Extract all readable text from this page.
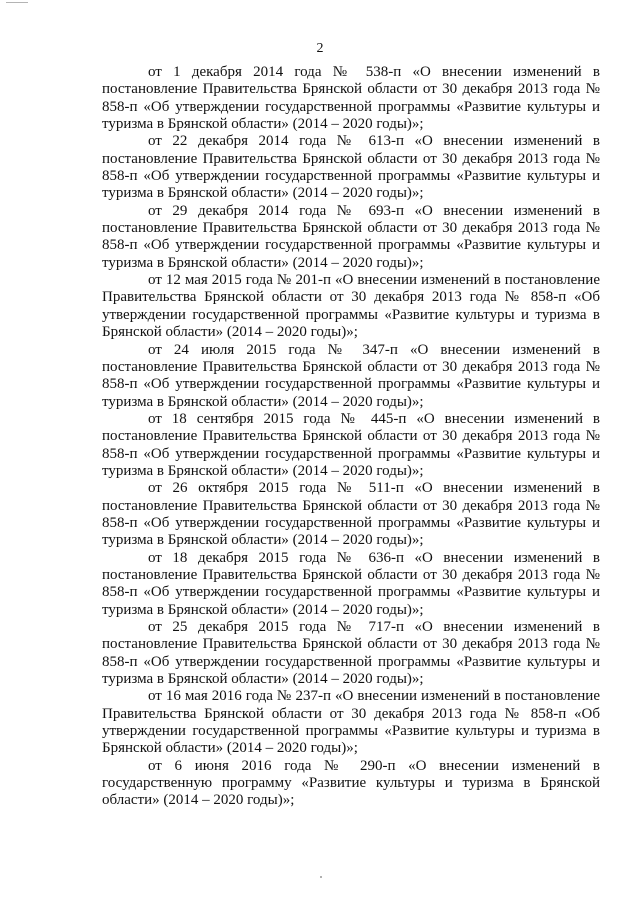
2

от 1 декабря 2014 года № 538-п «О внесении изменений в постановление Правительства Брянской области от 30 декабря 2013 года № 858-п «Об утверждении государственной программы «Развитие культуры и туризма в Брянской области» (2014 – 2020 годы)»;

от 22 декабря 2014 года № 613-п «О внесении изменений в постановление Правительства Брянской области от 30 декабря 2013 года № 858-п «Об утверждении государственной программы «Развитие культуры и туризма в Брянской области» (2014 – 2020 годы)»;

от 29 декабря 2014 года № 693-п «О внесении изменений в постановление Правительства Брянской области от 30 декабря 2013 года № 858-п «Об утверждении государственной программы «Развитие культуры и туризма в Брянской области» (2014 – 2020 годы)»;

от 12 мая 2015 года № 201-п «О внесении изменений в постановление Правительства Брянской области от 30 декабря 2013 года № 858-п «Об утверждении государственной программы «Развитие культуры и туризма в Брянской области» (2014 – 2020 годы)»;

от 24 июля 2015 года № 347-п «О внесении изменений в постановление Правительства Брянской области от 30 декабря 2013 года № 858-п «Об утверждении государственной программы «Развитие культуры и туризма в Брянской области» (2014 – 2020 годы)»;

от 18 сентября 2015 года № 445-п «О внесении изменений в постановление Правительства Брянской области от 30 декабря 2013 года № 858-п «Об утверждении государственной программы «Развитие культуры и туризма в Брянской области» (2014 – 2020 годы)»;

от 26 октября 2015 года № 511-п «О внесении изменений в постановление Правительства Брянской области от 30 декабря 2013 года № 858-п «Об утверждении государственной программы «Развитие культуры и туризма в Брянской области» (2014 – 2020 годы)»;

от 18 декабря 2015 года № 636-п «О внесении изменений в постановление Правительства Брянской области от 30 декабря 2013 года № 858-п «Об утверждении государственной программы «Развитие культуры и туризма в Брянской области» (2014 – 2020 годы)»;

от 25 декабря 2015 года № 717-п «О внесении изменений в постановление Правительства Брянской области от 30 декабря 2013 года № 858-п «Об утверждении государственной программы «Развитие культуры и туризма в Брянской области» (2014 – 2020 годы)»;

от 16 мая 2016 года № 237-п «О внесении изменений в постановление Правительства Брянской области от 30 декабря 2013 года № 858-п «Об утверждении государственной программы «Развитие культуры и туризма в Брянской области» (2014 – 2020 годы)»;

от 6 июня 2016 года № 290-п «О внесении изменений в государственную программу «Развитие культуры и туризма в Брянской области» (2014 – 2020 годы)»;
